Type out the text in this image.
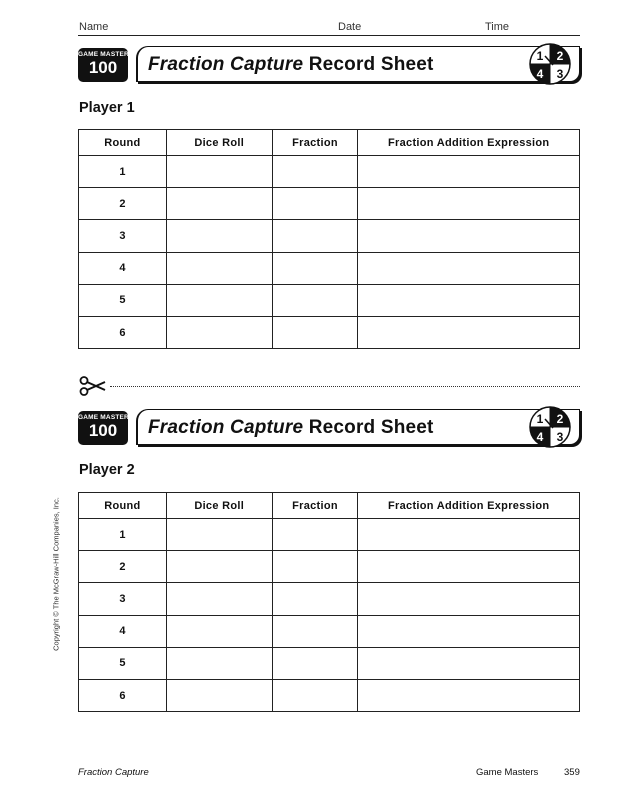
Name	Date	Time
GAME MASTER
100	Fraction Capture Record Sheet	1 2
4 3
Player 1
Round	Dice Roll	Fraction	Fraction Addition Expression
1			
2			
3			
4			
5			
6			
GAME MASTER
100	Fraction Capture Record Sheet	1 2
4 3
Player 2
Round	Dice Roll	Fraction	Fraction Addition Expression
1			
2			
3			
4			
5			
6			
Copyright © The McGraw-Hill Companies, Inc.
Fraction Capture	Game Masters	359
